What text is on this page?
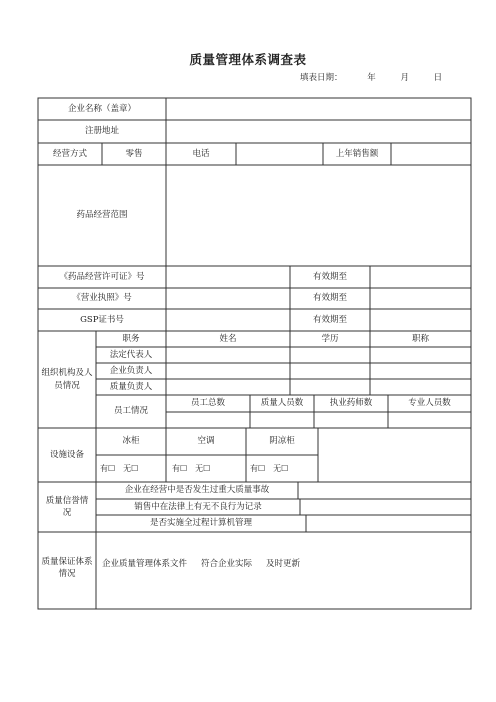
质量管理体系调查表
填表日期：	年	月	日
企业名称（盖章）
注册地址
经营方式	零售	电话	上年销售额
药品经营范围
《药品经营许可证》号	有效期至
《营业执照》号	有效期至
GSP证书号	有效期至
组织机构及人员情况
职务	姓名	学历	职称
法定代表人
企业负责人
质量负责人
员工情况
员工总数	质量人员数	执业药师数	专业人员数
设施设备
冰柜	空调	阴凉柜
有☐ 无☐	有☐ 无☐	有☐ 无☐
质量信誉情况
企业在经营中是否发生过重大质量事故
销售中在法律上有无不良行为记录
是否实施全过程计算机管理
质量保证体系情况
企业质量管理体系文件 符合企业实际 及时更新
